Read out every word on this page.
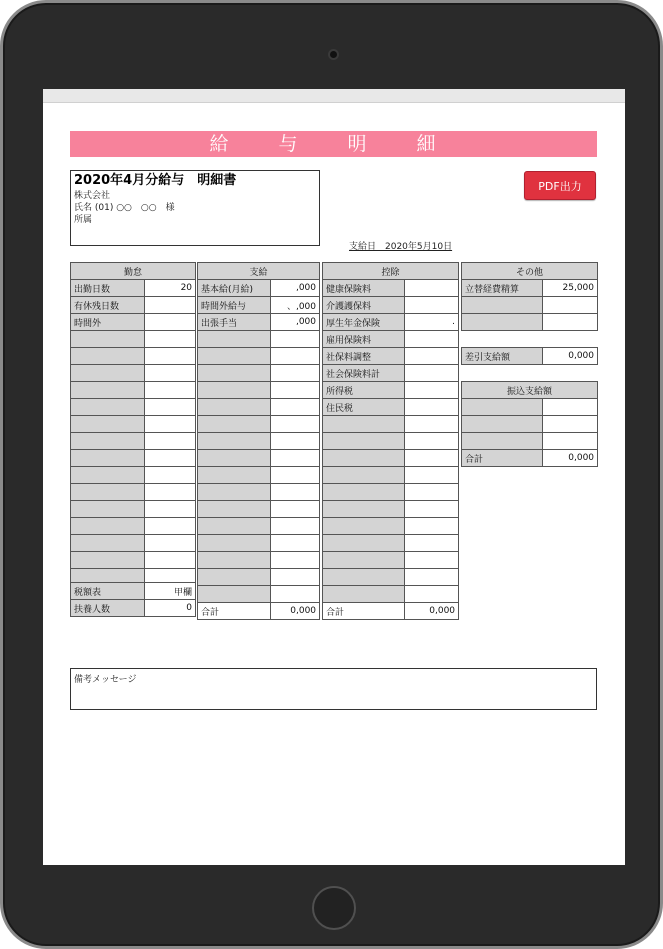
給 与 明 細
2020年4月分給与　明細書
株式会社
氏名 (01) ○○　○○　様
所属
PDF出力
支給日　2020年5月10日
勤怠	
出勤日数	20
有休残日数	
時間外	

税額表	甲欄
扶養人数	0
支給	
基本給(月給)	,000
時間外給与	、,000
出張手当	,000

合計	0,000
控除	
健康保険料	
介護護保料	
厚生年金保険	.
雇用保険料	
社保料調整	
社会保険料計	
所得税	
住民税	

合計	0,000
その他	
立替経費精算	25,000

差引支給額	0,000
振込支給額	

合計	0,000
備考メッセージ
